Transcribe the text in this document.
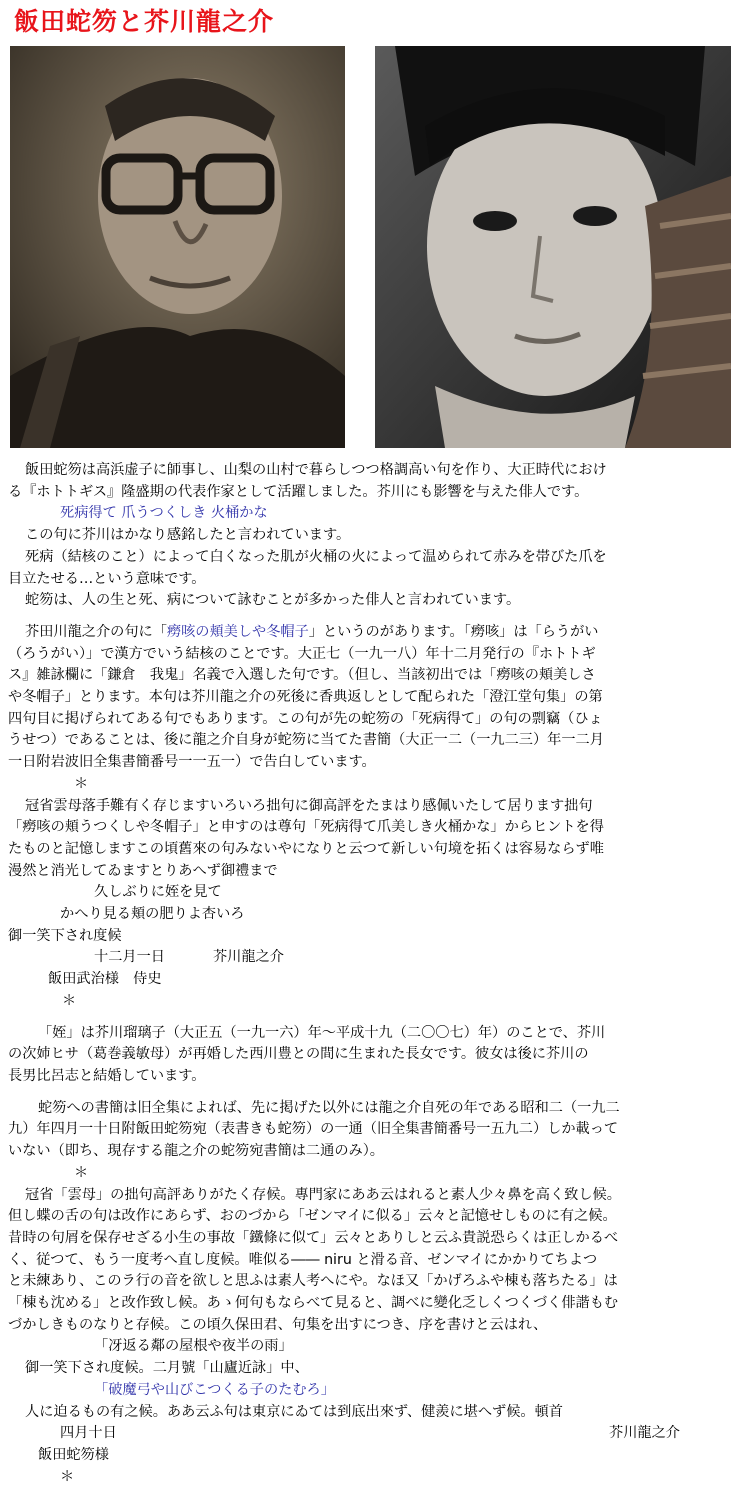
飯田蛇笏と芥川龍之介

飯田蛇笏は高浜虚子に師事し、山梨の山村で暮らしつつ格調高い句を作り、大正時代におけ

る『ホトトギス』隆盛期の代表作家として活躍しました。芥川にも影響を与えた俳人です。

死病得て 爪うつくしき 火桶かな

この句に芥川はかなり感銘したと言われています。

死病（結核のこと）によって白くなった肌が火桶の火によって温められて赤みを帯びた爪を

目立たせる…という意味です。

蛇笏は、人の生と死、病について詠むことが多かった俳人と言われています。

芥田川龍之介の句に「癆咳の頬美しや冬帽子」というのがあります。「癆咳」は「らうがい

（ろうがい）」で漢方でいう結核のことです。大正七（一九一八）年十二月発行の『ホトトギ

ス』雑詠欄に「鎌倉　我鬼」名義で入選した句です。（但し、当該初出では「癆咳の頬美しさ

や冬帽子」とります。本句は芥川龍之介の死後に香典返しとして配られた「澄江堂句集」の第

四句目に掲げられてある句でもあります。この句が先の蛇笏の「死病得て」の句の剽竊（ひょ

うせつ）であることは、後に龍之介自身が蛇笏に当てた書簡（大正一二（一九二三）年一二月

一日附岩波旧全集書簡番号一一五一）で告白しています。

＊

冠省雲母落手難有く存じますいろいろ拙句に御高評をたまはり感佩いたして居ります拙句

「癆咳の頬うつくしや冬帽子」と申すのは尊句「死病得て爪美しき火桶かな」からヒントを得

たものと記憶しますこの頃舊來の句みないやになりと云つて新しい句境を拓くは容易ならず唯

漫然と消光してゐますとりあへず御禮まで

久しぶりに姪を見て

かへり見る頬の肥りよ杏いろ

御一笑下され度候

十二月一日	芥川龍之介

飯田武治様　侍史

＊

「姪」は芥川瑠璃子（大正五（一九一六）年～平成十九（二〇〇七）年）のことで、芥川

の次姉ヒサ（葛巻義敏母）が再婚した西川豊との間に生まれた長女です。彼女は後に芥川の

長男比呂志と結婚しています。

蛇笏への書簡は旧全集によれば、先に掲げた以外には龍之介自死の年である昭和二（一九二

九）年四月一十日附飯田蛇笏宛（表書きも蛇笏）の一通（旧全集書簡番号一五九二）しか載って

いない（即ち、現存する龍之介の蛇笏宛書簡は二通のみ）。

＊

冠省「雲母」の拙句高評ありがたく存候。專門家にああ云はれると素人少々鼻を高く致し候。

但し蝶の舌の句は改作にあらず、おのづから「ゼンマイに似る」云々と記憶せしものに有之候。

昔時の句屑を保存せざる小生の事故「鐵條に似て」云々とありしと云ふ貴説恐らくは正しかるべ

く、従つて、もう一度考へ直し度候。唯似る―― niru と滑る音、ゼンマイにかかりてちよつ

と未練あり、このラ行の音を欲しと思ふは素人考へにや。なほ又「かげろふや棟も落ちたる」は

「棟も沈める」と改作致し候。あゝ何句もならべて見ると、調べに變化乏しくつくづく俳諧もむ

づかしきものなりと存候。この頃久保田君、句集を出すにつき、序を書けと云はれ、

「冴返る鄰の屋根や夜半の雨」

御一笑下され度候。二月號「山廬近詠」中、

「破魔弓や山びこつくる子のたむろ」

人に迫るもの有之候。ああ云ふ句は東京にゐては到底出來ず、健羨に堪へず候。頓首

四月十日	芥川龍之介

飯田蛇笏様

＊
